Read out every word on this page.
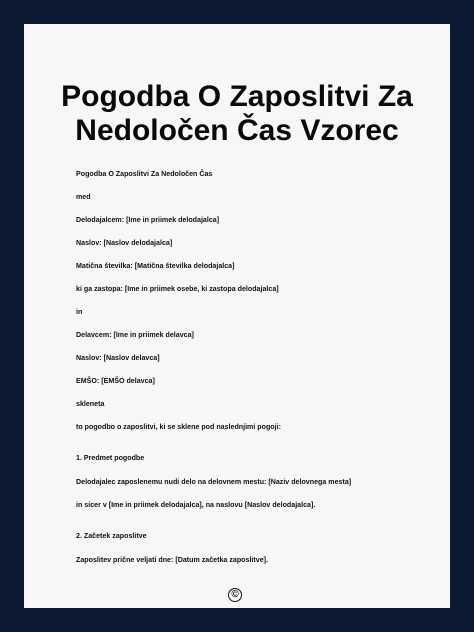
Pogodba O Zaposlitvi Za
Nedoločen Čas Vzorec
Pogodba O Zaposlitvi Za Nedoločen Čas
med
Delodajalcem: [Ime in priimek delodajalca]
Naslov: [Naslov delodajalca]
Matična številka: [Matična številka delodajalca]
ki ga zastopa: [Ime in priimek osebe, ki zastopa delodajalca]
in
Delavcem: [Ime in priimek delavca]
Naslov: [Naslov delavca]
EMŠO: [EMŠO delavca]
skleneta
to pogodbo o zaposlitvi, ki se sklene pod naslednjimi pogoji:
1. Predmet pogodbe
Delodajalec zaposlenemu nudi delo na delovnem mestu: [Naziv delovnega mesta]
in sicer v [Ime in priimek delodajalca], na naslovu [Naslov delodajalca].
2. Začetek zaposlitve
Zaposlitev prične veljati dne: [Datum začetka zaposlitve].
©
